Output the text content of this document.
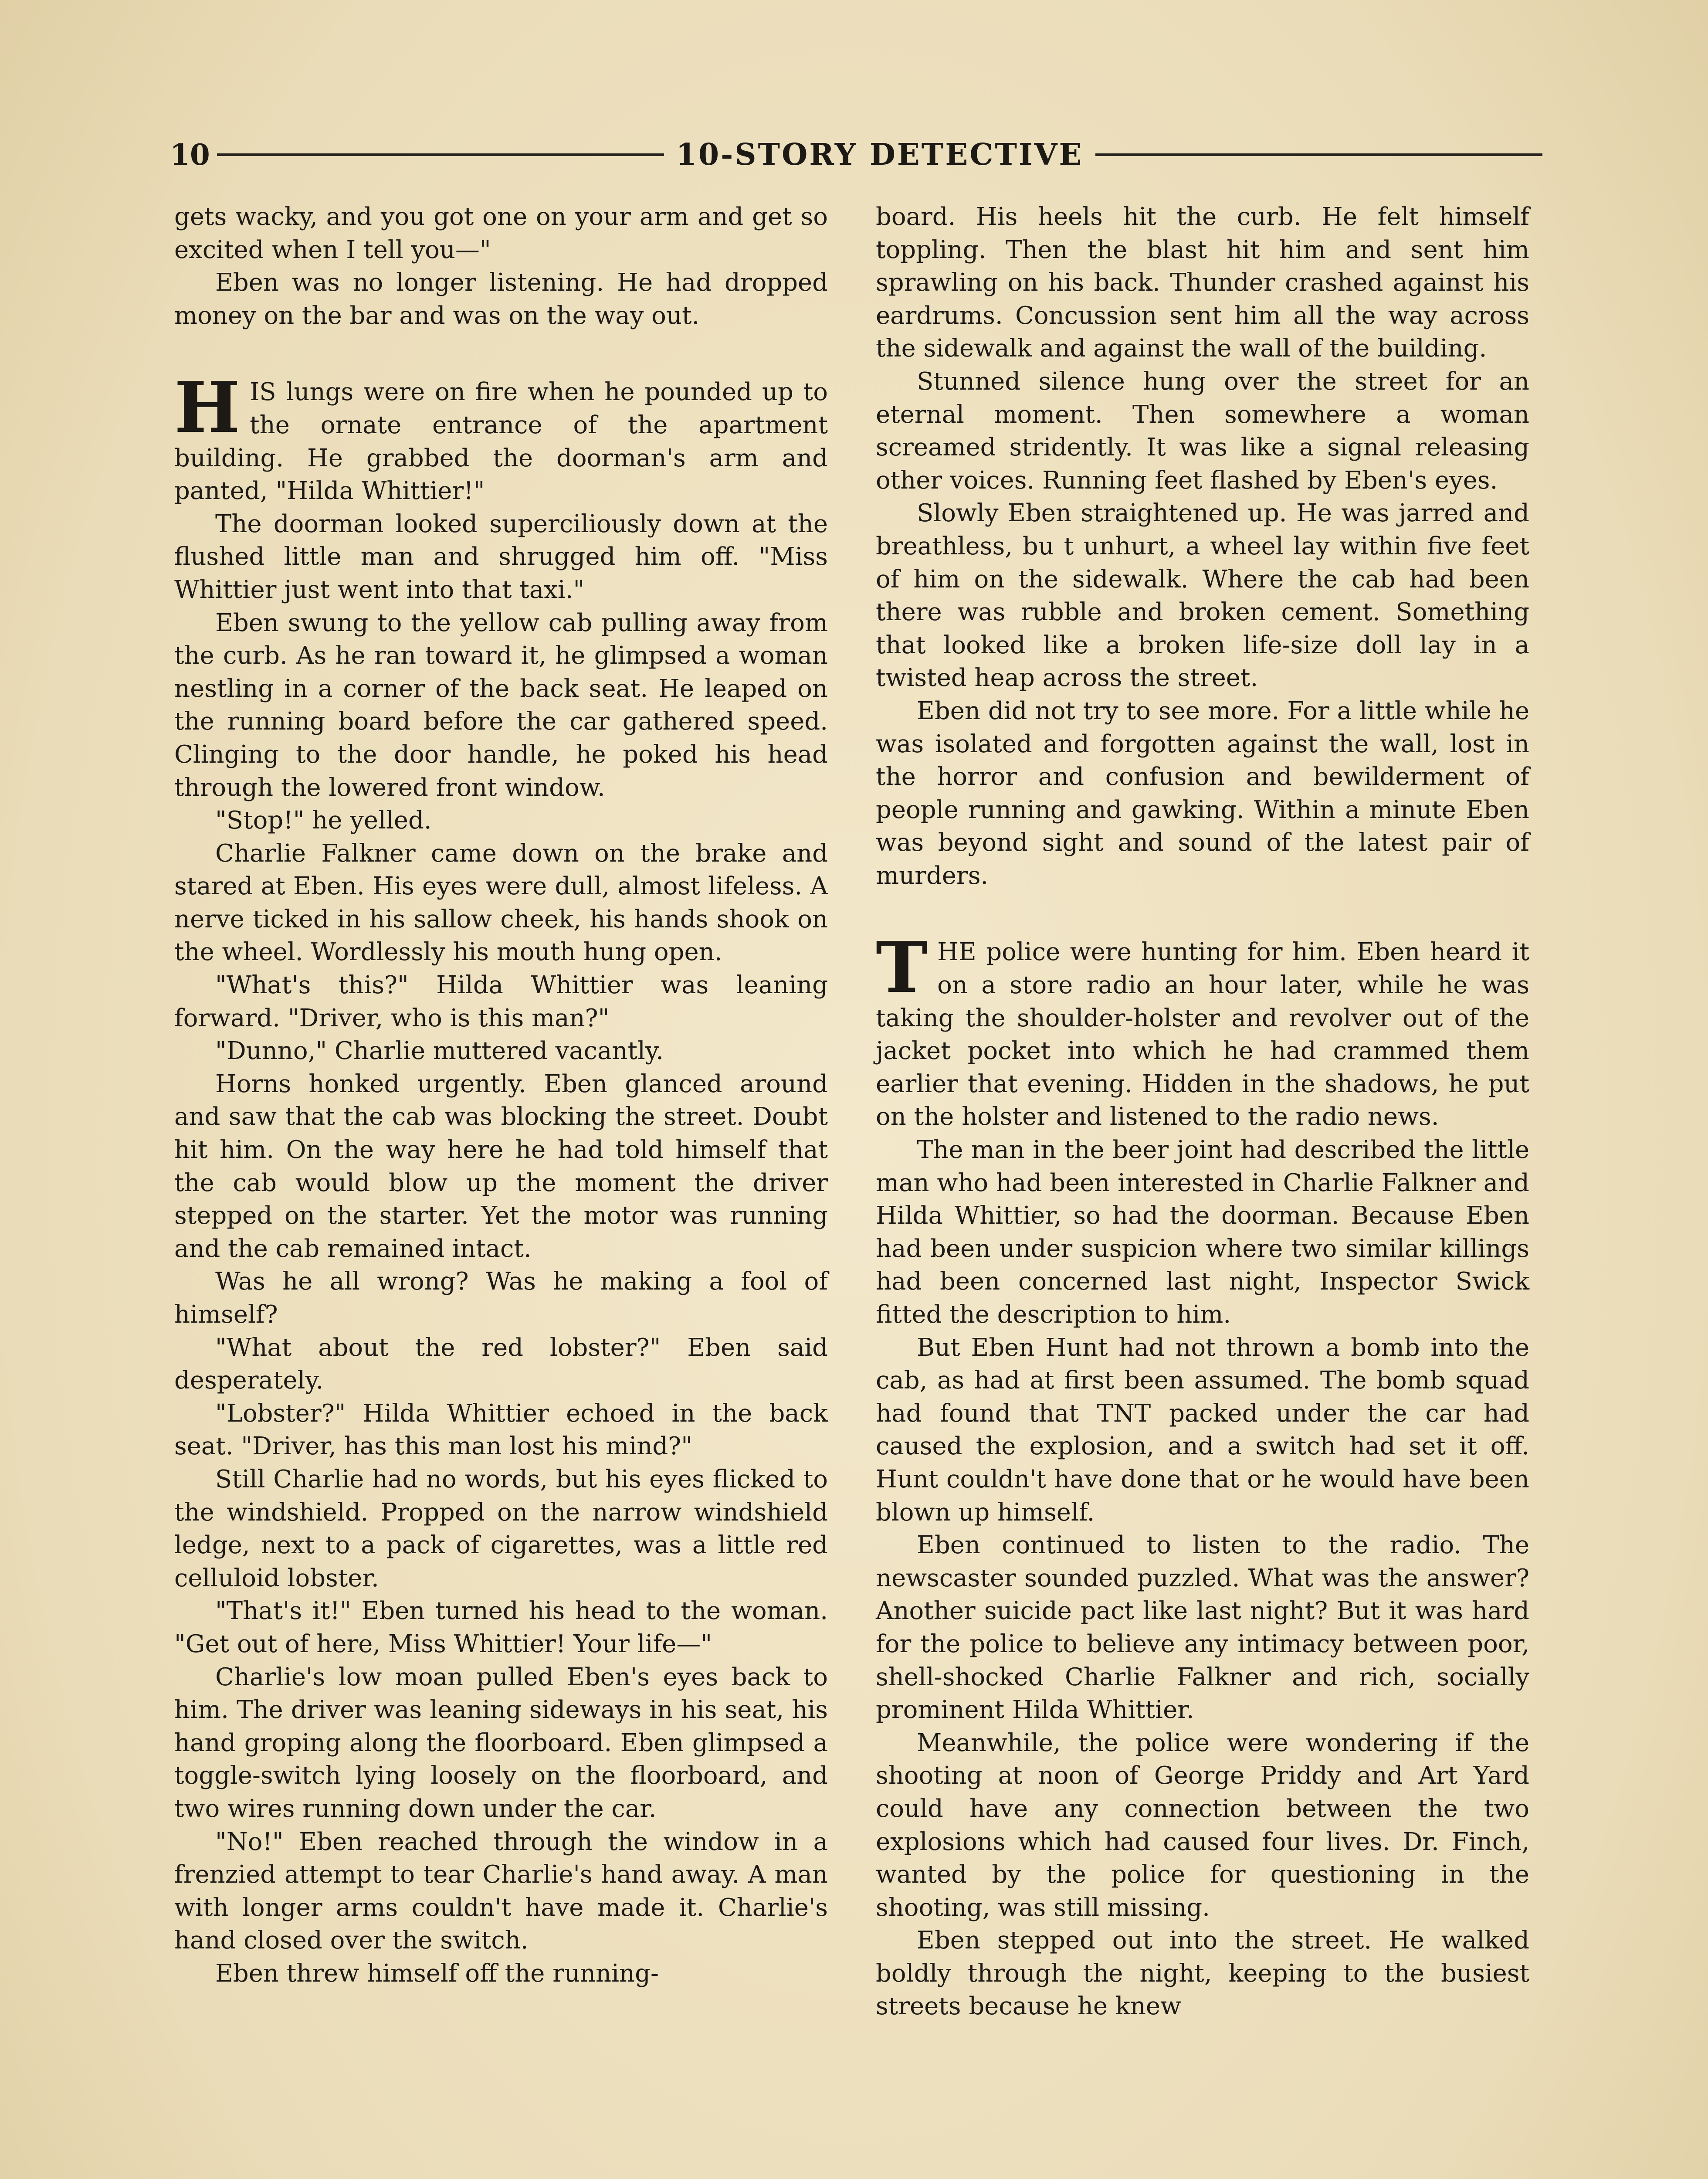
10	10-STORY DETECTIVE

gets wacky, and you got one on your arm and get so excited when I tell you—"

Eben was no longer listening. He had dropped money on the bar and was on the way out.

HIS lungs were on fire when he pounded up to the ornate entrance of the apartment building. He grabbed the doorman's arm and panted, "Hilda Whittier!"

The doorman looked superciliously down at the flushed little man and shrugged him off. "Miss Whittier just went into that taxi."

Eben swung to the yellow cab pulling away from the curb. As he ran toward it, he glimpsed a woman nestling in a corner of the back seat. He leaped on the running board before the car gathered speed. Clinging to the door handle, he poked his head through the lowered front window.

"Stop!" he yelled.

Charlie Falkner came down on the brake and stared at Eben. His eyes were dull, almost lifeless. A nerve ticked in his sallow cheek, his hands shook on the wheel. Wordlessly his mouth hung open.

"What's this?" Hilda Whittier was leaning forward. "Driver, who is this man?"

"Dunno," Charlie muttered vacantly.

Horns honked urgently. Eben glanced around and saw that the cab was blocking the street. Doubt hit him. On the way here he had told himself that the cab would blow up the moment the driver stepped on the starter. Yet the motor was running and the cab remained intact.

Was he all wrong? Was he making a fool of himself?

"What about the red lobster?" Eben said desperately.

"Lobster?" Hilda Whittier echoed in the back seat. "Driver, has this man lost his mind?"

Still Charlie had no words, but his eyes flicked to the windshield. Propped on the narrow windshield ledge, next to a pack of cigarettes, was a little red celluloid lobster.

"That's it!" Eben turned his head to the woman. "Get out of here, Miss Whittier! Your life—"

Charlie's low moan pulled Eben's eyes back to him. The driver was leaning sideways in his seat, his hand groping along the floorboard. Eben glimpsed a toggle-switch lying loosely on the floorboard, and two wires running down under the car.

"No!" Eben reached through the window in a frenzied attempt to tear Charlie's hand away. A man with longer arms couldn't have made it. Charlie's hand closed over the switch.

Eben threw himself off the running-

board. His heels hit the curb. He felt himself toppling. Then the blast hit him and sent him sprawling on his back. Thunder crashed against his eardrums. Concussion sent him all the way across the sidewalk and against the wall of the building.

Stunned silence hung over the street for an eternal moment. Then somewhere a woman screamed stridently. It was like a signal releasing other voices. Running feet flashed by Eben's eyes.

Slowly Eben straightened up. He was jarred and breathless, bu t unhurt, a wheel lay within five feet of him on the sidewalk. Where the cab had been there was rubble and broken cement. Something that looked like a broken life-size doll lay in a twisted heap across the street.

Eben did not try to see more. For a little while he was isolated and forgotten against the wall, lost in the horror and confusion and bewilderment of people running and gawking. Within a minute Eben was beyond sight and sound of the latest pair of murders.

THE police were hunting for him. Eben heard it on a store radio an hour later, while he was taking the shoulder-holster and revolver out of the jacket pocket into which he had crammed them earlier that evening. Hidden in the shadows, he put on the holster and listened to the radio news.

The man in the beer joint had described the little man who had been interested in Charlie Falkner and Hilda Whittier, so had the doorman. Because Eben had been under suspicion where two similar killings had been concerned last night, Inspector Swick fitted the description to him.

But Eben Hunt had not thrown a bomb into the cab, as had at first been assumed. The bomb squad had found that TNT packed under the car had caused the explosion, and a switch had set it off. Hunt couldn't have done that or he would have been blown up himself.

Eben continued to listen to the radio. The newscaster sounded puzzled. What was the answer? Another suicide pact like last night? But it was hard for the police to believe any intimacy between poor, shell-shocked Charlie Falkner and rich, socially prominent Hilda Whittier.

Meanwhile, the police were wondering if the shooting at noon of George Priddy and Art Yard could have any connection between the two explosions which had caused four lives. Dr. Finch, wanted by the police for questioning in the shooting, was still missing.

Eben stepped out into the street. He walked boldly through the night, keeping to the busiest streets because he knew
